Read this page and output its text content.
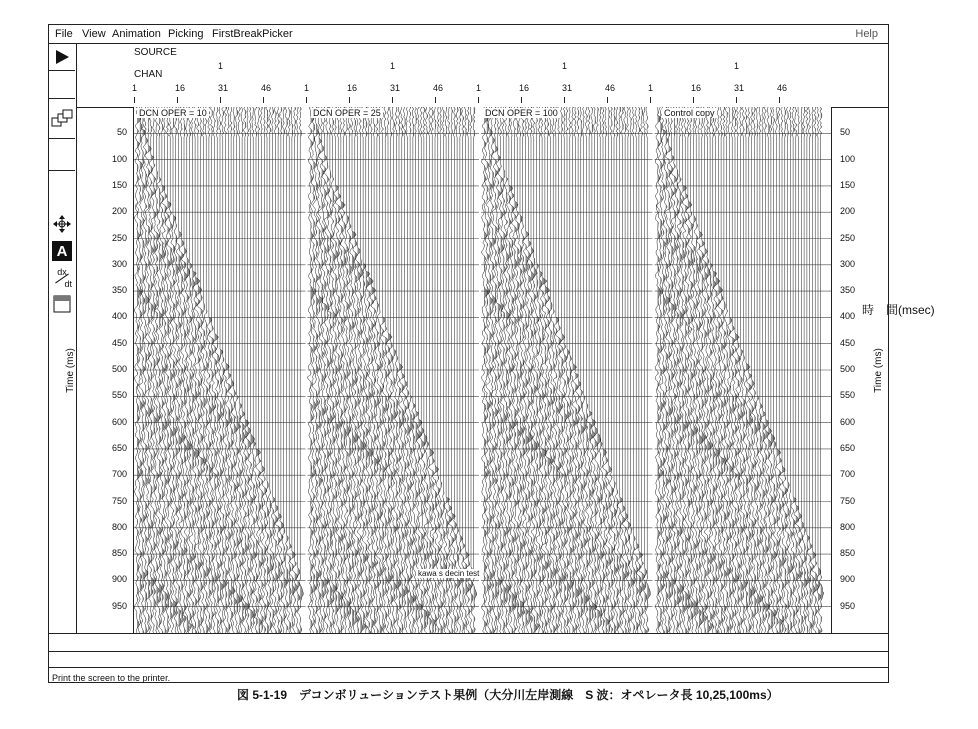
File View Animation Picking FirstBreakPicker	Help
A
dx
dt
SOURCE
CHAN
1
1	16	31	46
1
1	16	31	46
1
1	16	31	46
1
1	16	31	46
Time (ms)
50
100
150
200
250
300
350
400
450
500
550
600
650
700
750
800
850
900
950
Time (ms)
50
100
150
200
250
300
350
400
450
500
550
600
650
700
750
800
850
900
950
DCN OPER = 10	DCN OPER = 25	DCN OPER = 100	Control copy
kawa s decin test
Print the screen to the printer.
時　間(msec)
図 5-1-19　デコンボリューションテスト果例（大分川左岸測線　S 波：オペレータ長 10,25,100ms）
